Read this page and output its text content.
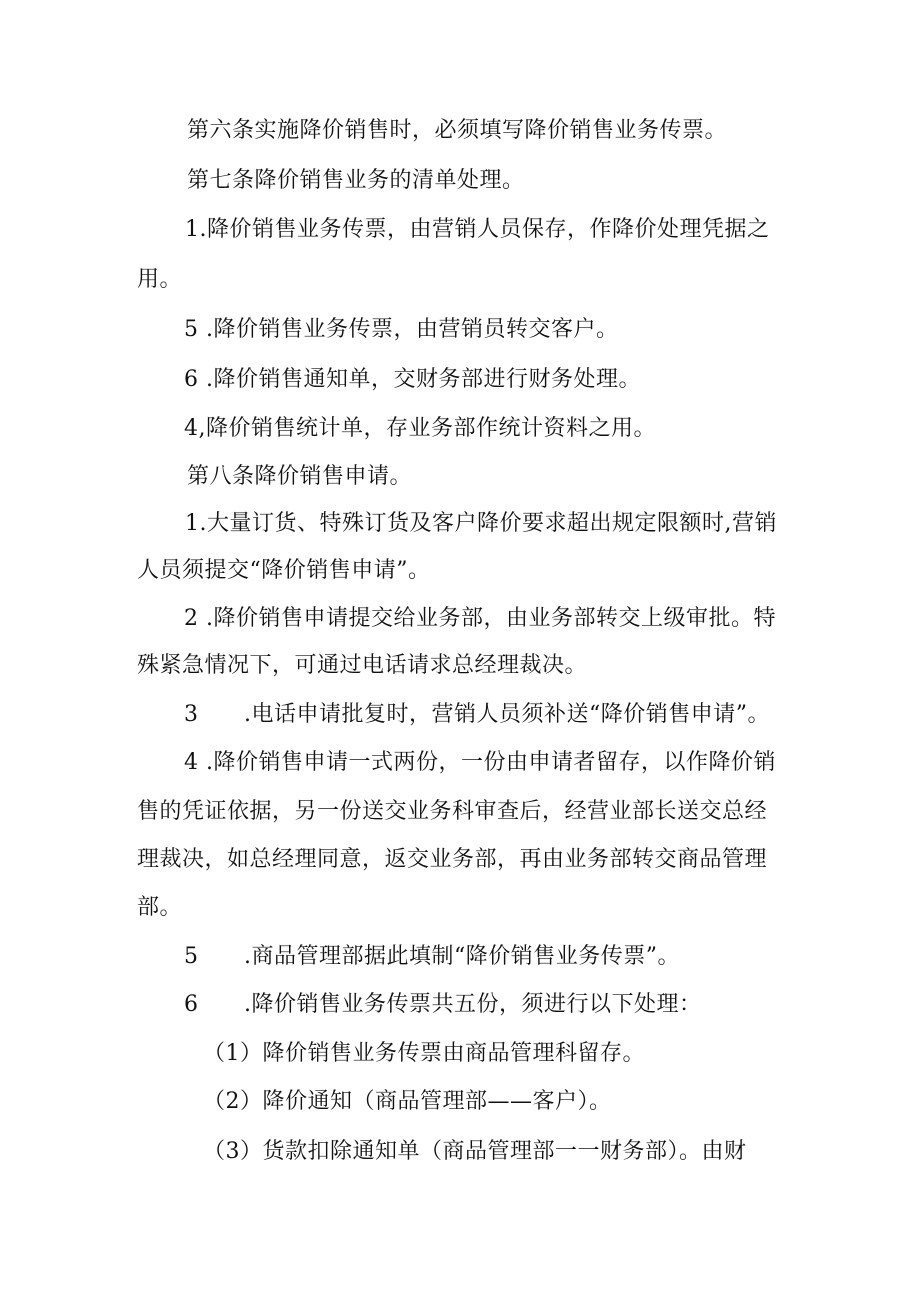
第六条实施降价销售时，必须填写降价销售业务传票。
第七条降价销售业务的清单处理。
1.降价销售业务传票，由营销人员保存，作降价处理凭据之
用。
5 .降价销售业务传票，由营销员转交客户。
6 .降价销售通知单，交财务部进行财务处理。
4,降价销售统计单，存业务部作统计资料之用。
第八条降价销售申请。
1.大量订货、特殊订货及客户降价要求超出规定限额时,营销
人员须提交“降价销售申请”。
2 .降价销售申请提交给业务部，由业务部转交上级审批。特
殊紧急情况下，可通过电话请求总经理裁决。
3 .电话申请批复时，营销人员须补送“降价销售申请”。
4 .降价销售申请一式两份，一份由申请者留存，以作降价销
售的凭证依据，另一份送交业务科审查后，经营业部长送交总经
理裁决，如总经理同意，返交业务部，再由业务部转交商品管理
部。
5 .商品管理部据此填制“降价销售业务传票”。
6 .降价销售业务传票共五份，须进行以下处理：
（1）降价销售业务传票由商品管理科留存。
（2）降价通知（商品管理部——客户）。
（3）货款扣除通知单（商品管理部一一财务部）。由财
